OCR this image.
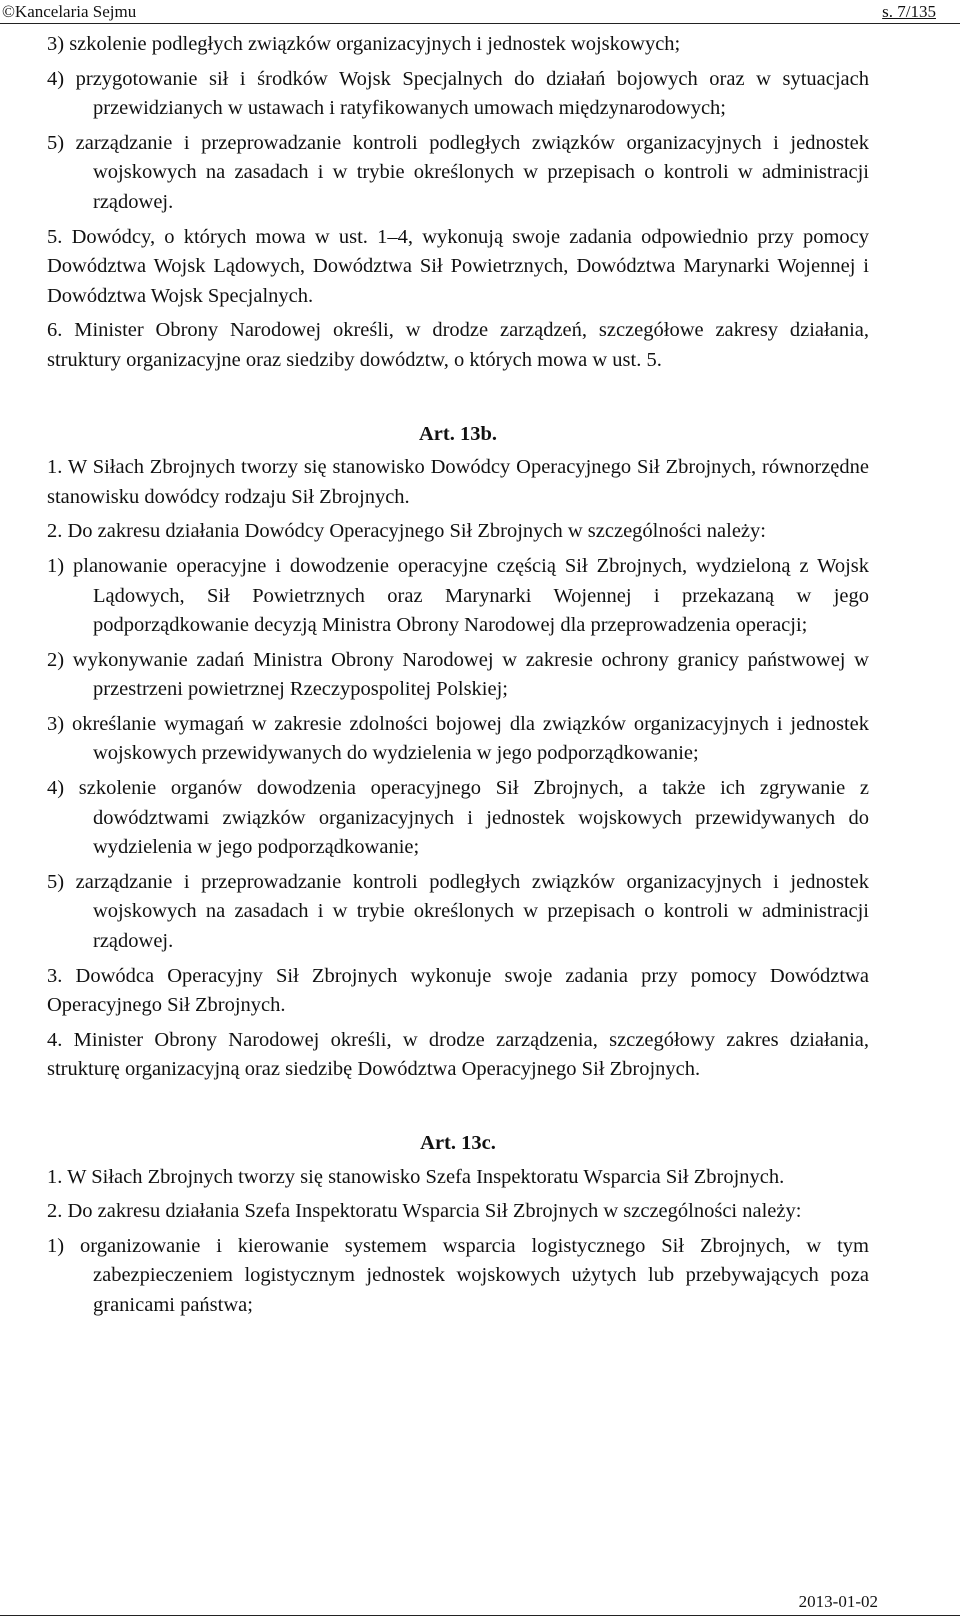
©Kancelaria Sejmu	s. 7/135
3) szkolenie podległych związków organizacyjnych i jednostek wojskowych;
4) przygotowanie sił i środków Wojsk Specjalnych do działań bojowych oraz w sytuacjach przewidzianych w ustawach i ratyfikowanych umowach międzynarodowych;
5) zarządzanie i przeprowadzanie kontroli podległych związków organizacyjnych i jednostek wojskowych na zasadach i w trybie określonych w przepisach o kontroli w administracji rządowej.
5. Dowódcy, o których mowa w ust. 1–4, wykonują swoje zadania odpowiednio przy pomocy Dowództwa Wojsk Lądowych, Dowództwa Sił Powietrznych, Dowództwa Marynarki Wojennej i Dowództwa Wojsk Specjalnych.
6. Minister Obrony Narodowej określi, w drodze zarządzeń, szczegółowe zakresy działania, struktury organizacyjne oraz siedziby dowództw, o których mowa w ust. 5.
Art. 13b.
1. W Siłach Zbrojnych tworzy się stanowisko Dowódcy Operacyjnego Sił Zbrojnych, równorzędne stanowisku dowódcy rodzaju Sił Zbrojnych.
2. Do zakresu działania Dowódcy Operacyjnego Sił Zbrojnych w szczególności należy:
1) planowanie operacyjne i dowodzenie operacyjne częścią Sił Zbrojnych, wydzieloną z Wojsk Lądowych, Sił Powietrznych oraz Marynarki Wojennej i przekazaną w jego podporządkowanie decyzją Ministra Obrony Narodowej dla przeprowadzenia operacji;
2) wykonywanie zadań Ministra Obrony Narodowej w zakresie ochrony granicy państwowej w przestrzeni powietrznej Rzeczypospolitej Polskiej;
3) określanie wymagań w zakresie zdolności bojowej dla związków organizacyjnych i jednostek wojskowych przewidywanych do wydzielenia w jego podporządkowanie;
4) szkolenie organów dowodzenia operacyjnego Sił Zbrojnych, a także ich zgrywanie z dowództwami związków organizacyjnych i jednostek wojskowych przewidywanych do wydzielenia w jego podporządkowanie;
5) zarządzanie i przeprowadzanie kontroli podległych związków organizacyjnych i jednostek wojskowych na zasadach i w trybie określonych w przepisach o kontroli w administracji rządowej.
3. Dowódca Operacyjny Sił Zbrojnych wykonuje swoje zadania przy pomocy Dowództwa Operacyjnego Sił Zbrojnych.
4. Minister Obrony Narodowej określi, w drodze zarządzenia, szczegółowy zakres działania, strukturę organizacyjną oraz siedzibę Dowództwa Operacyjnego Sił Zbrojnych.
Art. 13c.
1. W Siłach Zbrojnych tworzy się stanowisko Szefa Inspektoratu Wsparcia Sił Zbrojnych.
2. Do zakresu działania Szefa Inspektoratu Wsparcia Sił Zbrojnych w szczególności należy:
1) organizowanie i kierowanie systemem wsparcia logistycznego Sił Zbrojnych, w tym zabezpieczeniem logistycznym jednostek wojskowych użytych lub przebywających poza granicami państwa;
2013-01-02
